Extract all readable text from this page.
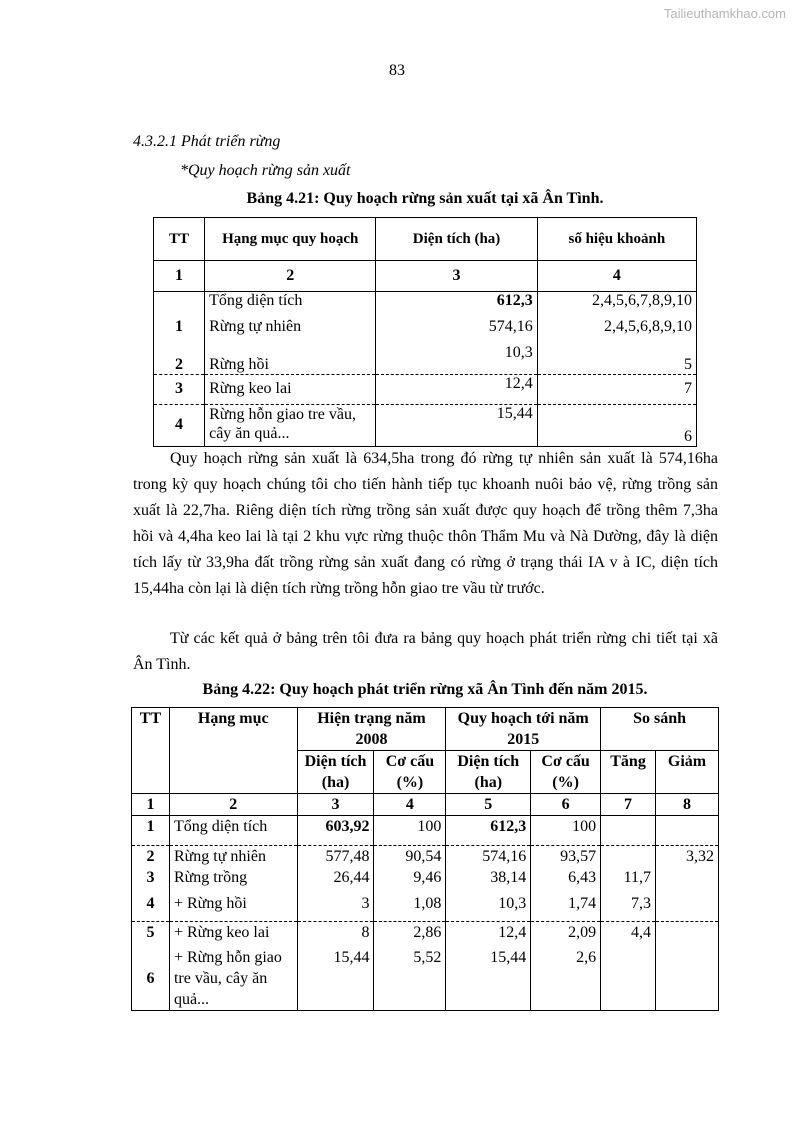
Tailieuthamkhao.com
83
4.3.2.1 Phát triển rừng
*Quy hoạch rừng sản xuất
Bảng 4.21: Quy hoạch rừng sản xuất tại xã Ân Tình.
TT	Hạng mục quy hoạch	Diện tích (ha)	số hiệu khoảnh
1	2	3	4
	Tổng diện tích	612,3	2,4,5,6,7,8,9,10
1	Rừng tự nhiên	574,16	2,4,5,6,8,9,10
2	Rừng hồi	10,3	5
3	Rừng keo lai	12,4	7
4	Rừng hỗn giao tre vầu, cây ăn quả...	15,44	6
Quy hoạch rừng sản xuất là 634,5ha trong đó rừng tự nhiên sản xuất là 574,16ha trong kỳ quy hoạch chúng tôi cho tiến hành tiếp tục khoanh nuôi bảo vệ, rừng trồng sản xuất là 22,7ha. Riêng diện tích rừng trồng sản xuất được quy hoạch để trồng thêm 7,3ha hồi và 4,4ha keo lai là tại 2 khu vực rừng thuộc thôn Thẩm Mu và Nà Dường, đây là diện tích lấy từ 33,9ha đất trồng rừng sản xuất đang có rừng ở trạng thái IA v à IC, diện tích 15,44ha còn lại là diện tích rừng trồng hỗn giao tre vầu từ trước.
Từ các kết quả ở bảng trên tôi đưa ra bảng quy hoạch phát triển rừng chi tiết tại xã Ân Tình.
Bảng 4.22: Quy hoạch phát triển rừng xã Ân Tình đến năm 2015.
TT	Hạng mục	Hiện trạng năm 2008		Quy hoạch tới năm 2015		So sánh	
		Diện tích (ha)	Cơ cấu (%)	Diện tích (ha)	Cơ cấu (%)	Tăng	Giảm
1	2	3	4	5	6	7	8
1	Tổng diện tích	603,92	100	612,3	100		
2	Rừng tự nhiên	577,48	90,54	574,16	93,57		3,32
3	Rừng trồng	26,44	9,46	38,14	6,43	11,7	
4	+ Rừng hồi	3	1,08	10,3	1,74	7,3	
5	+ Rừng keo lai	8	2,86	12,4	2,09	4,4	
6	+ Rừng hỗn giao tre vầu, cây ăn quả...	15,44	5,52	15,44	2,6		
